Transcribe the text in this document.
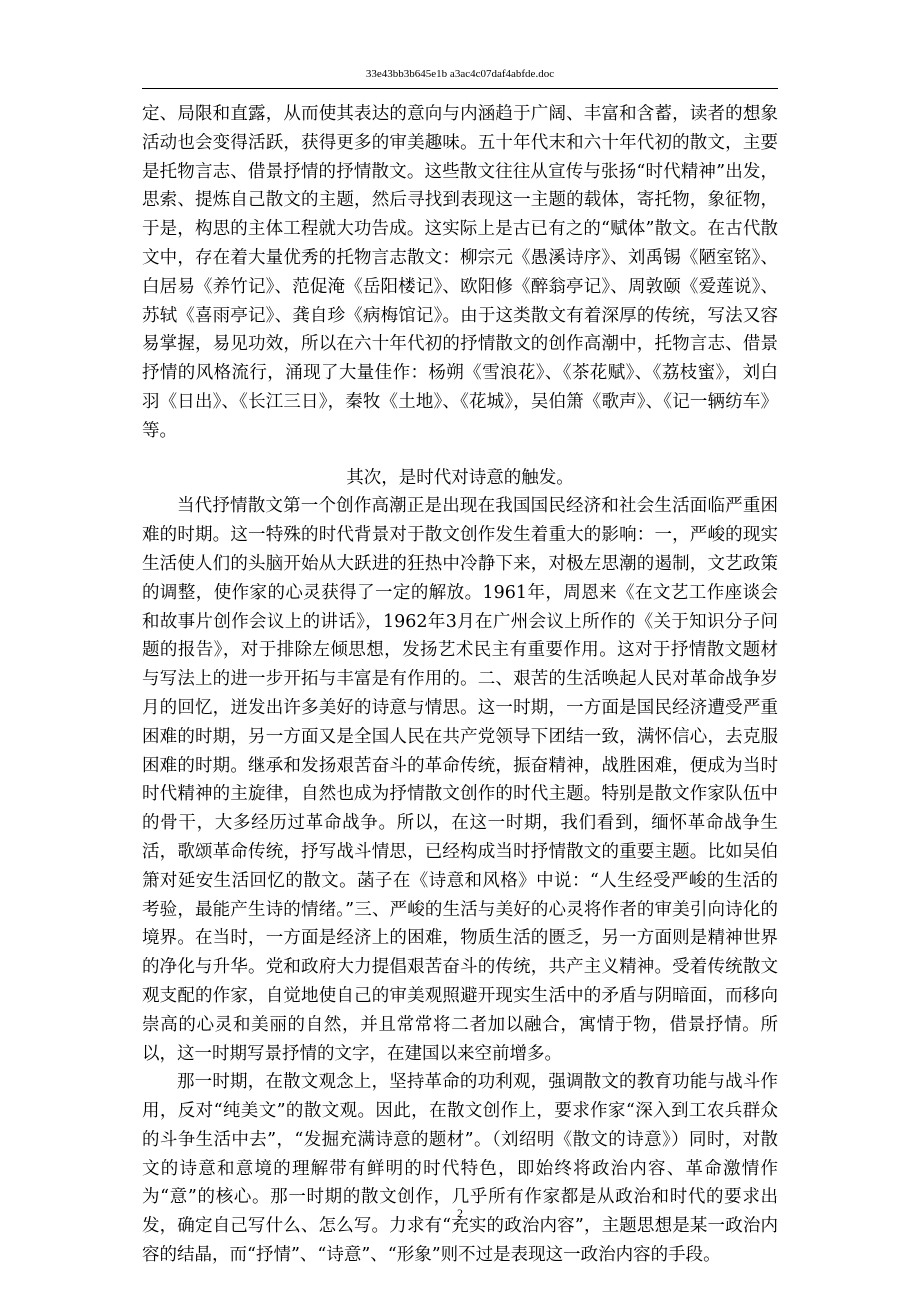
33e43bb3b645e1b a3ac4c07daf4abfde.doc

定、局限和直露，从而使其表达的意向与内涵趋于广阔、丰富和含蓄，读者的想象活动也会变得活跃，获得更多的审美趣味。五十年代末和六十年代初的散文，主要是托物言志、借景抒情的抒情散文。这些散文往往从宣传与张扬“时代精神”出发，思索、提炼自己散文的主题，然后寻找到表现这一主题的载体，寄托物，象征物，于是，构思的主体工程就大功告成。这实际上是古已有之的“赋体”散文。在古代散文中，存在着大量优秀的托物言志散文：柳宗元《愚溪诗序》、刘禹锡《陋室铭》、白居易《养竹记》、范促淹《岳阳楼记》、欧阳修《醉翁亭记》、周敦颐《爱莲说》、苏轼《喜雨亭记》、龚自珍《病梅馆记》。由于这类散文有着深厚的传统，写法又容易掌握，易见功效，所以在六十年代初的抒情散文的创作高潮中，托物言志、借景抒情的风格流行，涌现了大量佳作：杨朔《雪浪花》、《茶花赋》、《荔枝蜜》，刘白羽《日出》、《长江三日》，秦牧《土地》、《花城》，吴伯箫《歌声》、《记一辆纺车》等。

其次，是时代对诗意的触发。

当代抒情散文第一个创作高潮正是出现在我国国民经济和社会生活面临严重困难的时期。这一特殊的时代背景对于散文创作发生着重大的影响：一，严峻的现实生活使人们的头脑开始从大跃进的狂热中冷静下来，对极左思潮的遏制，文艺政策的调整，使作家的心灵获得了一定的解放。1961年，周恩来《在文艺工作座谈会和故事片创作会议上的讲话》，1962年3月在广州会议上所作的《关于知识分子问题的报告》，对于排除左倾思想，发扬艺术民主有重要作用。这对于抒情散文题材与写法上的进一步开拓与丰富是有作用的。二、艰苦的生活唤起人民对革命战争岁月的回忆，迸发出许多美好的诗意与情思。这一时期，一方面是国民经济遭受严重困难的时期，另一方面又是全国人民在共产党领导下团结一致，满怀信心，去克服困难的时期。继承和发扬艰苦奋斗的革命传统，振奋精神，战胜困难，便成为当时时代精神的主旋律，自然也成为抒情散文创作的时代主题。特别是散文作家队伍中的骨干，大多经历过革命战争。所以，在这一时期，我们看到，缅怀革命战争生活，歌颂革命传统，抒写战斗情思，已经构成当时抒情散文的重要主题。比如吴伯箫对延安生活回忆的散文。菡子在《诗意和风格》中说：“人生经受严峻的生活的考验，最能产生诗的情绪。”三、严峻的生活与美好的心灵将作者的审美引向诗化的境界。在当时，一方面是经济上的困难，物质生活的匮乏，另一方面则是精神世界的净化与升华。党和政府大力提倡艰苦奋斗的传统，共产主义精神。受着传统散文观支配的作家，自觉地使自己的审美观照避开现实生活中的矛盾与阴暗面，而移向崇高的心灵和美丽的自然，并且常常将二者加以融合，寓情于物，借景抒情。所以，这一时期写景抒情的文字，在建国以来空前增多。

那一时期，在散文观念上，坚持革命的功利观，强调散文的教育功能与战斗作用，反对“纯美文”的散文观。因此，在散文创作上，要求作家“深入到工农兵群众的斗争生活中去”，“发掘充满诗意的题材”。（刘绍明《散文的诗意》）同时，对散文的诗意和意境的理解带有鲜明的时代特色，即始终将政治内容、革命激情作为“意”的核心。那一时期的散文创作，几乎所有作家都是从政治和时代的要求出发，确定自己写什么、怎么写。力求有“充实的政治内容”，主题思想是某一政治内容的结晶，而“抒情”、“诗意”、“形象”则不过是表现这一政治内容的手段。

2
